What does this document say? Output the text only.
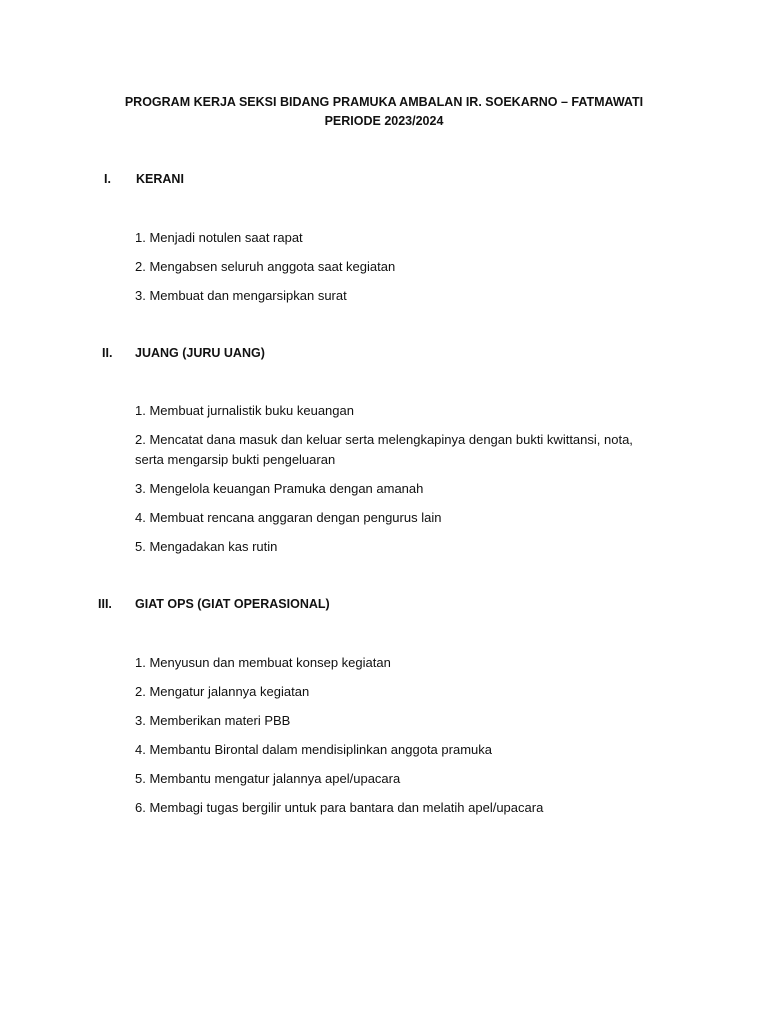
PROGRAM KERJA SEKSI BIDANG PRAMUKA AMBALAN IR. SOEKARNO – FATMAWATI PERIODE 2023/2024
I. KERANI
1. Menjadi notulen saat rapat
2. Mengabsen seluruh anggota saat kegiatan
3. Membuat dan mengarsipkan surat
II. JUANG (JURU UANG)
1. Membuat jurnalistik buku keuangan
2. Mencatat dana masuk dan keluar serta melengkapinya dengan bukti kwittansi, nota, serta mengarsip bukti pengeluaran
3. Mengelola keuangan Pramuka dengan amanah
4. Membuat rencana anggaran dengan pengurus lain
5. Mengadakan kas rutin
III. GIAT OPS (GIAT OPERASIONAL)
1. Menyusun dan membuat konsep kegiatan
2. Mengatur jalannya kegiatan
3. Memberikan materi PBB
4. Membantu Birontal dalam mendisiplinkan anggota pramuka
5. Membantu mengatur jalannya apel/upacara
6. Membagi tugas bergilir untuk para bantara dan melatih apel/upacara
